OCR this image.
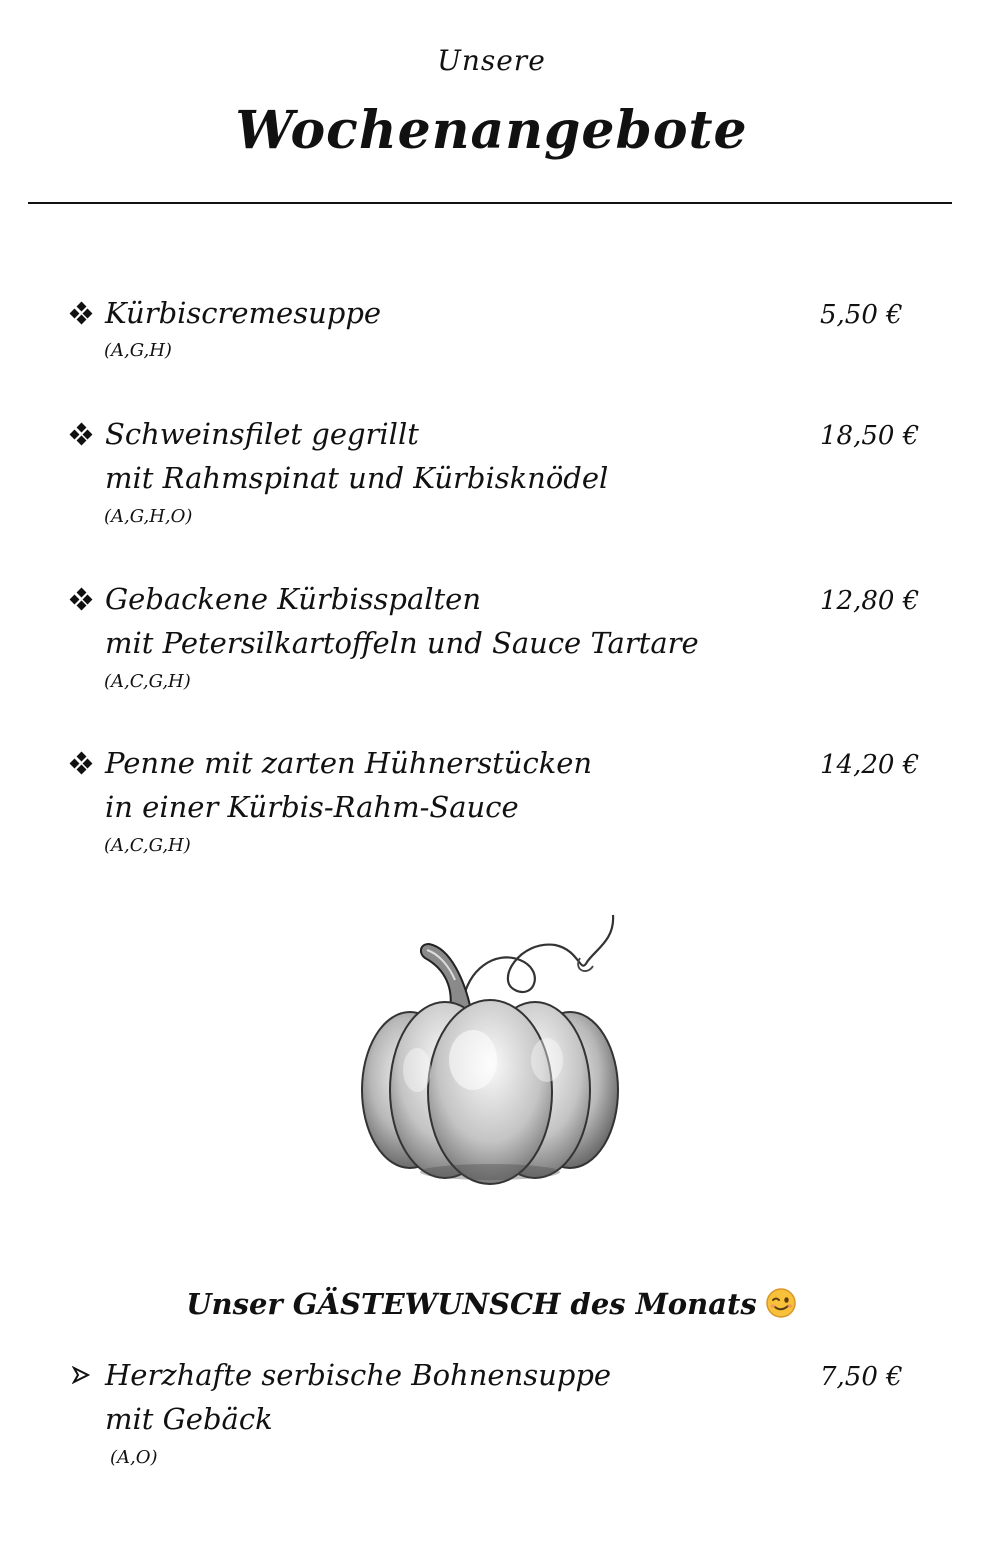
Unsere
Wochenangebote
Kürbiscremesuppe
(A,G,H)
5,50 €
Schweinsfilet gegrillt
mit Rahmspinat und Kürbisknödel
(A,G,H,O)
18,50 €
Gebackene Kürbisspalten
mit Petersilkartoffeln und Sauce Tartare
(A,C,G,H)
12,80 €
Penne mit zarten Hühnerstücken
in einer Kürbis-Rahm-Sauce
(A,C,G,H)
14,20 €
Unser GÄSTEWUNSCH des Monats
Herzhafte serbische Bohnensuppe
mit Gebäck
(A,O)
7,50 €
